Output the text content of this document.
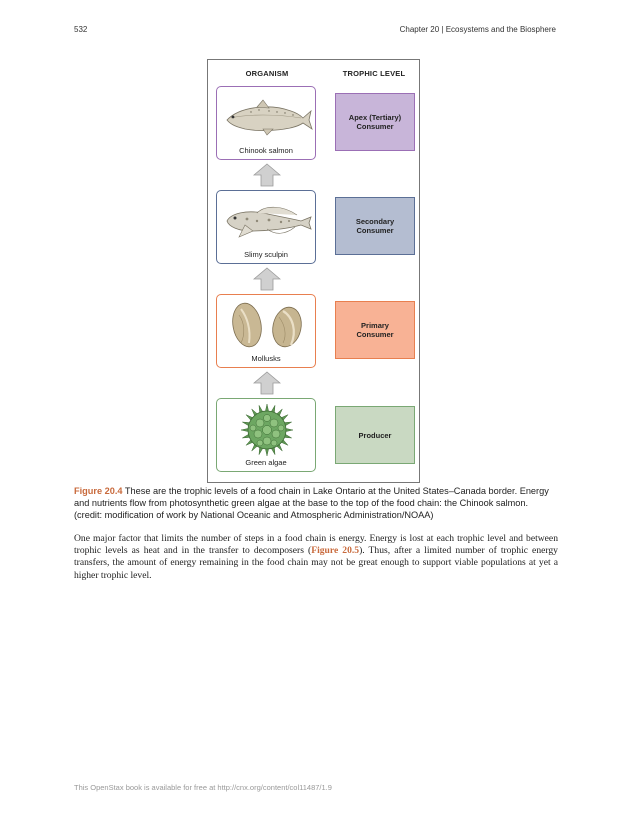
532	Chapter 20 | Ecosystems and the Biosphere
ORGANISM	TROPHIC LEVEL
Chinook salmon
Slimy sculpin
Mollusks
Green algae
Apex (Tertiary) Consumer
Secondary Consumer
Primary Consumer
Producer
Figure 20.4 These are the trophic levels of a food chain in Lake Ontario at the United States–Canada border. Energy and nutrients flow from photosynthetic green algae at the base to the top of the food chain: the Chinook salmon. (credit: modification of work by National Oceanic and Atmospheric Administration/NOAA)
One major factor that limits the number of steps in a food chain is energy. Energy is lost at each trophic level and between trophic levels as heat and in the transfer to decomposers (Figure 20.5). Thus, after a limited number of trophic energy transfers, the amount of energy remaining in the food chain may not be great enough to support viable populations at yet a higher trophic level.
This OpenStax book is available for free at http://cnx.org/content/col11487/1.9
